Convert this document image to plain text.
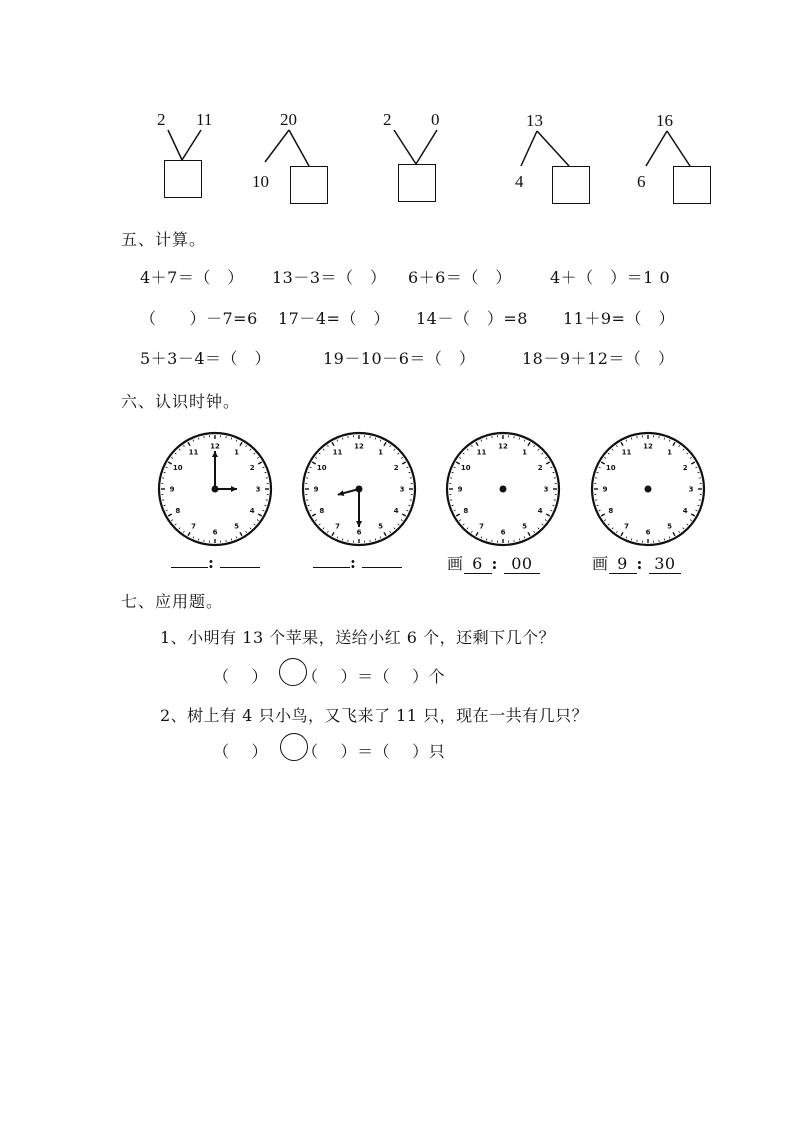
2 11	20
10
2 0	13
4
16
6
五、计算。
4＋7＝（　） 13－3＝（　） 6＋6＝（　） 4＋（　）＝1 0
（　　）－7=6 17－4=（　） 14－（　）=8 11＋9=（　）
5＋3－4＝（　）	19－10－6＝（　）	18－9＋12＝（　）
六、认识时钟。
12
1
2
3
4
5
6
7
8
9
10
11
12
1
2
3
4
5
6
7
8
9
10
11
12
1
2
3
4
5
6
7
8
9
10
11
12
1
2
3
4
5
6
7
8
9
10
11
:	:	画 6 : 00	画 9 : 30
七、应用题。
1、小明有 13 个苹果，送给小红 6 个，还剩下几个？
（ ） （ ）＝（ ）个
2、树上有 4 只小鸟，又飞来了 11 只，现在一共有几只？
（ ） （ ）＝（ ）只
